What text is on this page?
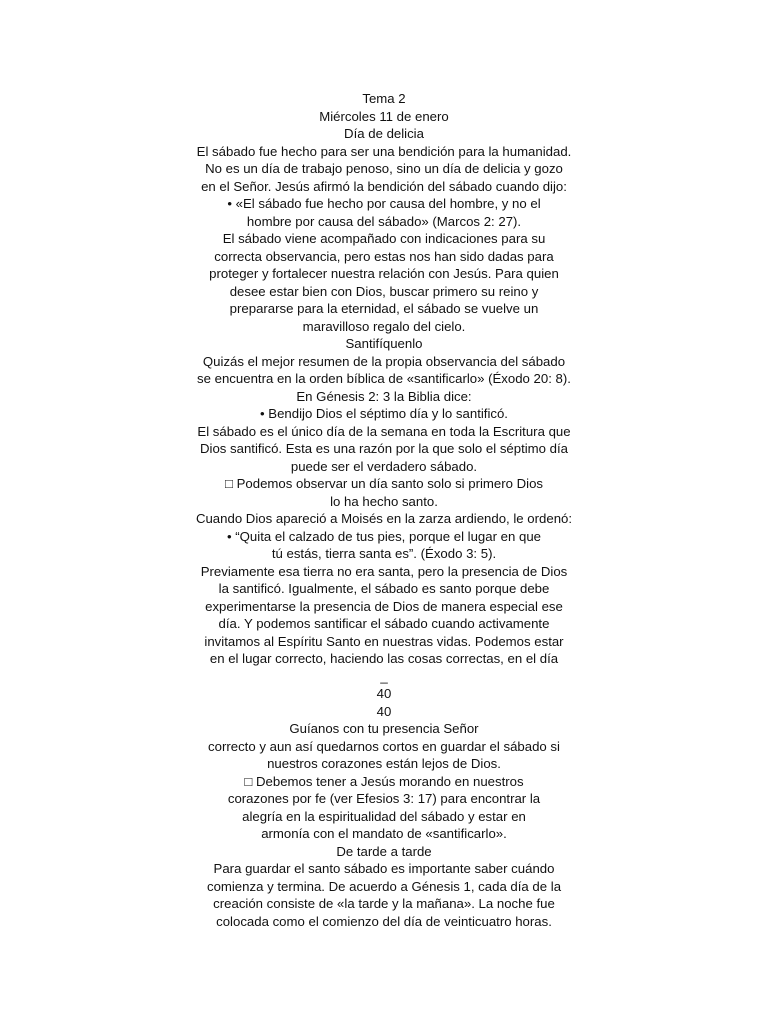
Tema 2
Miércoles 11 de enero
Día de delicia
El sábado fue hecho para ser una bendición para la humanidad.
No es un día de trabajo penoso, sino un día de delicia y gozo
en el Señor. Jesús afirmó la bendición del sábado cuando dijo:
• «El sábado fue hecho por causa del hombre, y no el
hombre por causa del sábado» (Marcos 2: 27).
El sábado viene acompañado con indicaciones para su
correcta observancia, pero estas nos han sido dadas para
proteger y fortalecer nuestra relación con Jesús. Para quien
desee estar bien con Dios, buscar primero su reino y
prepararse para la eternidad, el sábado se vuelve un
maravilloso regalo del cielo.
Santifíquenlo
Quizás el mejor resumen de la propia observancia del sábado
se encuentra en la orden bíblica de «santificarlo» (Éxodo 20: 8).
En Génesis 2: 3 la Biblia dice:
• Bendijo Dios el séptimo día y lo santificó.
El sábado es el único día de la semana en toda la Escritura que
Dios santificó. Esta es una razón por la que solo el séptimo día
puede ser el verdadero sábado.
□ Podemos observar un día santo solo si primero Dios
lo ha hecho santo.
Cuando Dios apareció a Moisés en la zarza ardiendo, le ordenó:
• “Quita el calzado de tus pies, porque el lugar en que
tú estás, tierra santa es”. (Éxodo 3: 5).
Previamente esa tierra no era santa, pero la presencia de Dios
la santificó. Igualmente, el sábado es santo porque debe
experimentarse la presencia de Dios de manera especial ese
día. Y podemos santificar el sábado cuando activamente
invitamos al Espíritu Santo en nuestras vidas. Podemos estar
en el lugar correcto, haciendo las cosas correctas, en el día
_
40
40
Guíanos con tu presencia Señor
correcto y aun así quedarnos cortos en guardar el sábado si
nuestros corazones están lejos de Dios.
□ Debemos tener a Jesús morando en nuestros
corazones por fe (ver Efesios 3: 17) para encontrar la
alegría en la espiritualidad del sábado y estar en
armonía con el mandato de «santificarlo».
De tarde a tarde
Para guardar el santo sábado es importante saber cuándo
comienza y termina. De acuerdo a Génesis 1, cada día de la
creación consiste de «la tarde y la mañana». La noche fue
colocada como el comienzo del día de veinticuatro horas.
